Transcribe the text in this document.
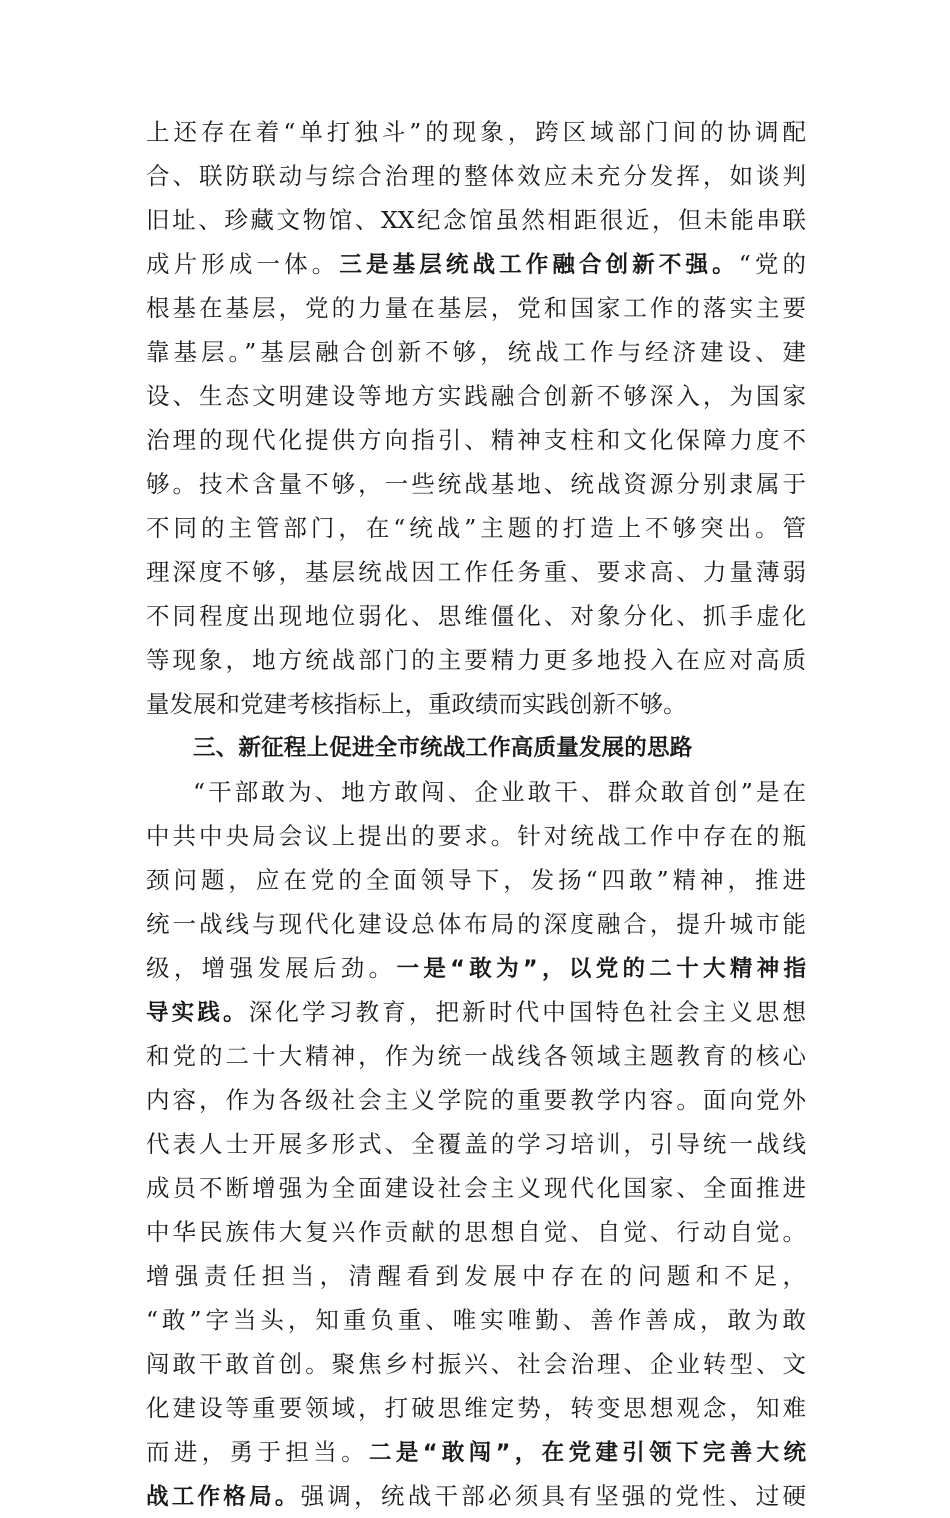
上还存在着“单打独斗”的现象，跨区域部门间的协调配
合、联防联动与综合治理的整体效应未充分发挥，如谈判
旧址、珍藏文物馆、XX纪念馆虽然相距很近，但未能串联
成片形成一体。三是基层统战工作融合创新不强。“党的
根基在基层，党的力量在基层，党和国家工作的落实主要
靠基层。”基层融合创新不够，统战工作与经济建设、建
设、生态文明建设等地方实践融合创新不够深入，为国家
治理的现代化提供方向指引、精神支柱和文化保障力度不
够。技术含量不够，一些统战基地、统战资源分别隶属于
不同的主管部门，在“统战”主题的打造上不够突出。管
理深度不够，基层统战因工作任务重、要求高、力量薄弱
不同程度出现地位弱化、思维僵化、对象分化、抓手虚化
等现象，地方统战部门的主要精力更多地投入在应对高质
量发展和党建考核指标上，重政绩而实践创新不够。
三、新征程上促进全市统战工作高质量发展的思路
“干部敢为、地方敢闯、企业敢干、群众敢首创”是在
中共中央局会议上提出的要求。针对统战工作中存在的瓶
颈问题，应在党的全面领导下，发扬“四敢”精神，推进
统一战线与现代化建设总体布局的深度融合，提升城市能
级，增强发展后劲。一是“敢为”，以党的二十大精神指
导实践。深化学习教育，把新时代中国特色社会主义思想
和党的二十大精神，作为统一战线各领域主题教育的核心
内容，作为各级社会主义学院的重要教学内容。面向党外
代表人士开展多形式、全覆盖的学习培训，引导统一战线
成员不断增强为全面建设社会主义现代化国家、全面推进
中华民族伟大复兴作贡献的思想自觉、自觉、行动自觉。
增强责任担当，清醒看到发展中存在的问题和不足，
“敢”字当头，知重负重、唯实唯勤、善作善成，敢为敢
闯敢干敢首创。聚焦乡村振兴、社会治理、企业转型、文
化建设等重要领域，打破思维定势，转变思想观念，知难
而进，勇于担当。二是“敢闯”，在党建引领下完善大统
战工作格局。强调，统战干部必须具有坚强的党性、过硬
